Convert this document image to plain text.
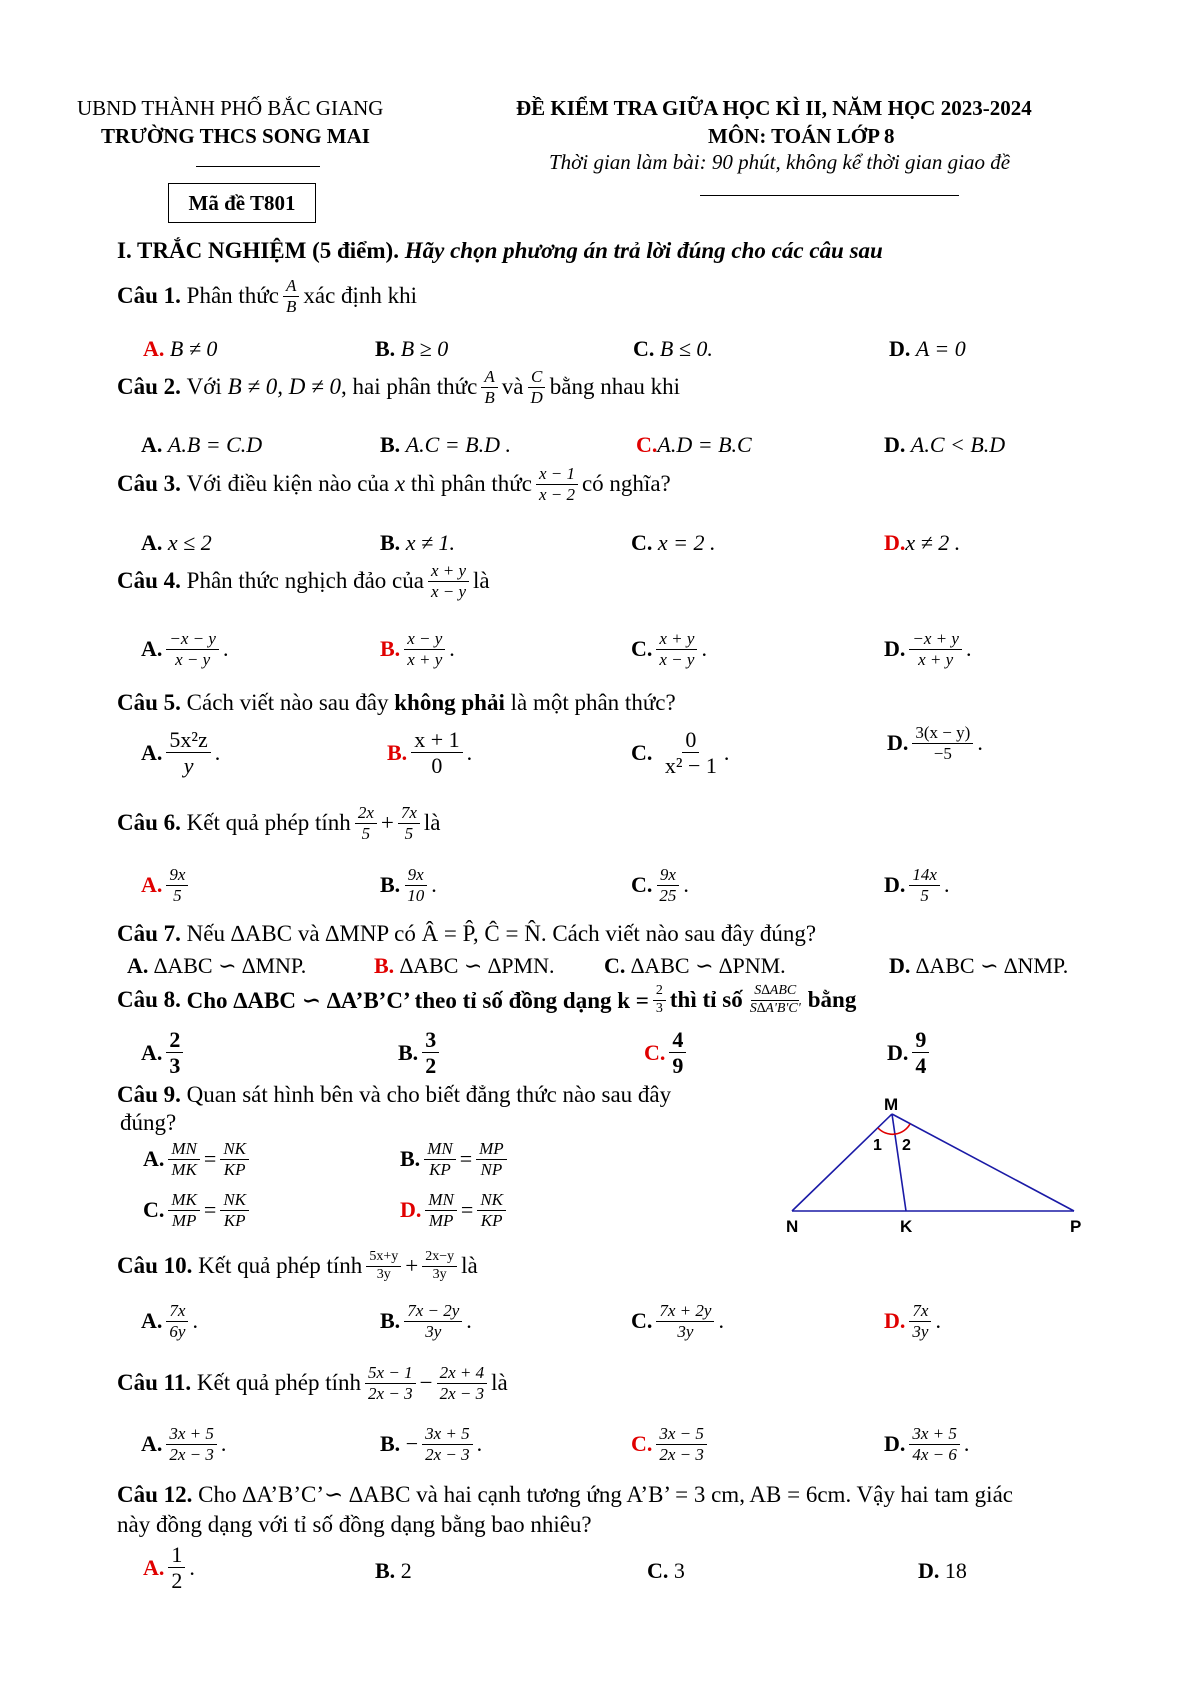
UBND THÀNH PHỐ BẮC GIANG
TRƯỜNG THCS SONG MAI
Mã đề T801
ĐỀ KIỂM TRA GIỮA HỌC KÌ II, NĂM HỌC 2023-2024
MÔN: TOÁN LỚP 8
Thời gian làm bài: 90 phút, không kể thời gian giao đề
I. TRẮC NGHIỆM (5 điểm). Hãy chọn phương án trả lời đúng cho các câu sau
Câu 1.
Phân thức $\frac{A}{B}$ xác định khi
A.
B ≠ 0	B.
B ≥ 0	C.
B ≤ 0.	D.
A = 0
Câu 2.
Với
B ≠ 0, D ≠ 0 , hai phân thức $\frac{A}{B}$ và $\frac{C}{D}$ bằng nhau khi
A.
A.B = C.D	B.
A.C = B.D .	C. A.D = B.C	D.
A.C < B.D
Câu 3.
Với điều kiện nào của
x
thì phân thức $\frac{x - 1}{x - 2}$ có nghĩa?
A.
x ≤ 2	B.
x ≠ 1.	C.
x = 2 .	D. x ≠ 2 .
Câu 4.
Phân thức nghịch đảo của $\frac{x + y}{x - y}$ là
A. $\frac{-x - y}{x - y}$ .	B. $\frac{x - y}{x + y}$ .	C. $\frac{x + y}{x - y}$ .	D. $\frac{-x + y}{x + y}$ .
Câu 5. Cách viết nào sau đây không phải là một phân thức?
A. $\frac{\text{5x²z}}{y}$ .	B. $\frac{x + 1}{0}$ .	C.
$\frac{0}{\text{x² − 1}}$ .	D. $\frac{3(x - y)}{-5}$ .
Câu 6.
Kết quả phép tính $\frac{2x}{5} + \frac{7x}{5}$ là
A. $\frac{9x}{5}$	B. $\frac{9x}{10}$ .	C. $\frac{9x}{25}$ .	D. $\frac{14x}{5}$ .
Câu 7. Nếu ∆ABC và ∆MNP có Â = P̂, Ĉ = N̂. Cách viết nào sau đây đúng?
A.
∆ABC ∽ ∆MNP.	B.
∆ABC ∽ ∆PMN. C.
∆ABC ∽ ∆PNM.	D.
∆ABC ∽ ∆NMP.
Câu 8.
Cho ∆ABC ∽ ∆A’B’C’ theo tỉ số đồng dạng $k = \frac{2}{3}$ thì tỉ số $\frac{\text{S∆ABC}}{S\Delta A'B'C'}$ bằng
A. $\frac{2}{3}$	B. $\frac{3}{2}$	C. $\frac{4}{9}$	D. $\frac{9}{4}$
Câu 9. Quan sát hình bên và cho biết đẳng thức nào sau đây
đúng?
A. $\frac{MN}{MK} = \frac{NK}{KP}$	B. $\frac{MN}{KP} = \frac{MP}{NP}$
C. $\frac{MK}{MP} = \frac{NK}{KP}$	D. $\frac{MN}{MP} = \frac{NK}{KP}$
M
N	K	P
1 2
Câu 10.
Kết quả phép tính $\frac{5x+y}{3y} + \frac{2x-y}{3y}$ là
A. $\frac{7x}{6y}$ .	B. $\frac{7x - 2y}{3y}$ .	C. $\frac{7x + 2y}{3y}$ .	D. $\frac{7x}{3y}$ .
Câu 11.
Kết quả phép tính $\frac{5x - 1}{2x - 3} - \frac{2x + 4}{2x - 3}$ là
A. $\frac{3x + 5}{2x - 3}$ .	B.
− $\frac{3x + 5}{2x - 3}$ .	C. $\frac{3x - 5}{2x - 3}$	D. $\frac{3x + 5}{4x - 6}$ .
Câu 12. Cho ∆A’B’C’∽ ∆ABC và hai cạnh tương ứng A’B’ = 3 cm, AB = 6cm. Vậy hai tam giác
này đồng dạng với tỉ số đồng dạng bằng bao nhiêu?
A. $\frac{1}{2}$ .	B.
2	C.
3	D.
18
